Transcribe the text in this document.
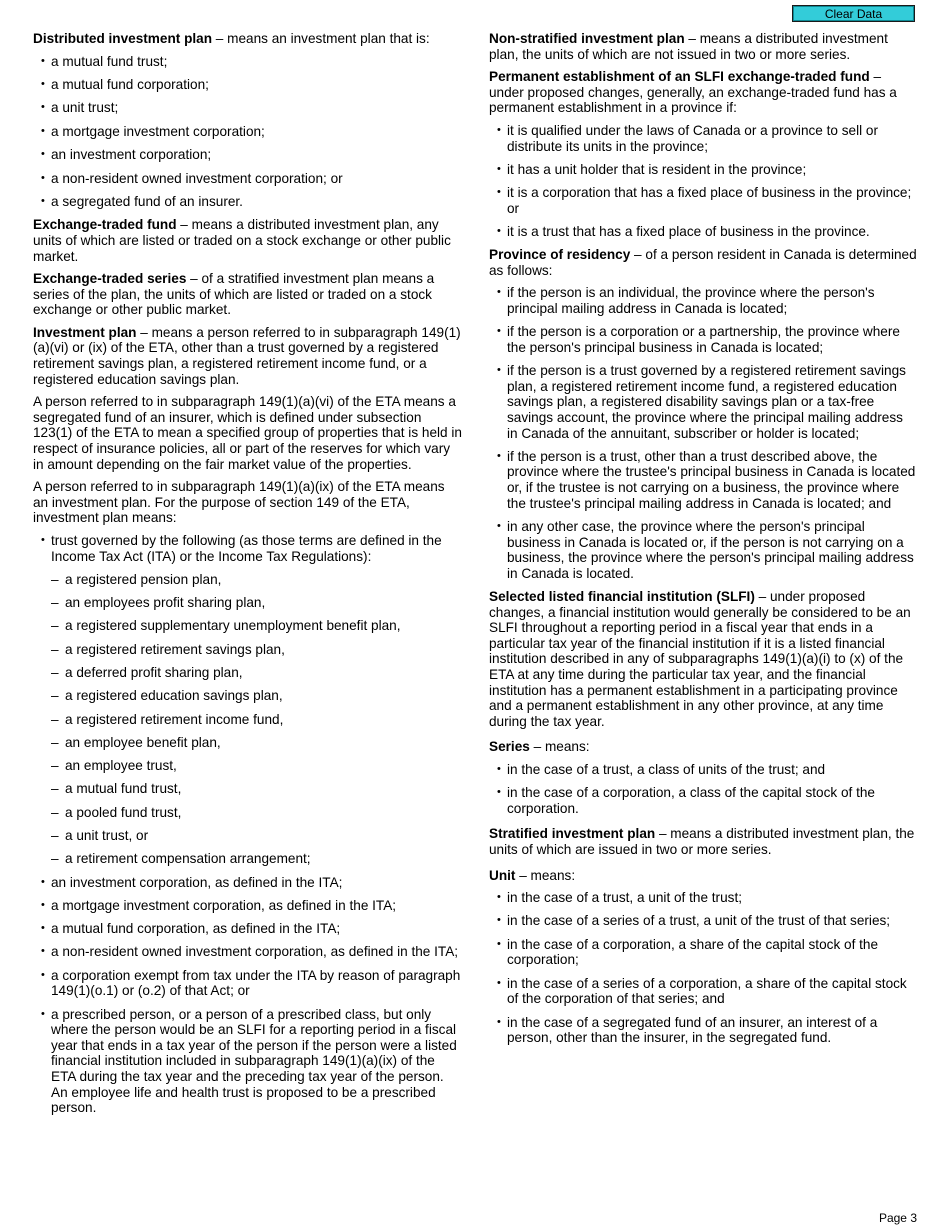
Clear Data

Distributed investment plan – means an investment plan that is:

• a mutual fund trust;
• a mutual fund corporation;
• a unit trust;
• a mortgage investment corporation;
• an investment corporation;
• a non-resident owned investment corporation; or
• a segregated fund of an insurer.

Exchange-traded fund – means a distributed investment plan, any units of which are listed or traded on a stock exchange or other public market.

Exchange-traded series – of a stratified investment plan means a series of the plan, the units of which are listed or traded on a stock exchange or other public market.

Investment plan – means a person referred to in subparagraph 149(1)(a)(vi) or (ix) of the ETA, other than a trust governed by a registered retirement savings plan, a registered retirement income fund, or a registered education savings plan.

A person referred to in subparagraph 149(1)(a)(vi) of the ETA means a segregated fund of an insurer, which is defined under subsection 123(1) of the ETA to mean a specified group of properties that is held in respect of insurance policies, all or part of the reserves for which vary in amount depending on the fair market value of the properties.

A person referred to in subparagraph 149(1)(a)(ix) of the ETA means an investment plan. For the purpose of section 149 of the ETA, investment plan means:

• trust governed by the following (as those terms are defined in the Income Tax Act (ITA) or the Income Tax Regulations):
– a registered pension plan,
– an employees profit sharing plan,
– a registered supplementary unemployment benefit plan,
– a registered retirement savings plan,
– a deferred profit sharing plan,
– a registered education savings plan,
– a registered retirement income fund,
– an employee benefit plan,
– an employee trust,
– a mutual fund trust,
– a pooled fund trust,
– a unit trust, or
– a retirement compensation arrangement;
• an investment corporation, as defined in the ITA;
• a mortgage investment corporation, as defined in the ITA;
• a mutual fund corporation, as defined in the ITA;
• a non-resident owned investment corporation, as defined in the ITA;
• a corporation exempt from tax under the ITA by reason of paragraph 149(1)(o.1) or (o.2) of that Act; or
• a prescribed person, or a person of a prescribed class, but only where the person would be an SLFI for a reporting period in a fiscal year that ends in a tax year of the person if the person were a listed financial institution included in subparagraph 149(1)(a)(ix) of the ETA during the tax year and the preceding tax year of the person. An employee life and health trust is proposed to be a prescribed person.

Non-stratified investment plan – means a distributed investment plan, the units of which are not issued in two or more series.

Permanent establishment of an SLFI exchange-traded fund – under proposed changes, generally, an exchange-traded fund has a permanent establishment in a province if:

• it is qualified under the laws of Canada or a province to sell or distribute its units in the province;
• it has a unit holder that is resident in the province;
• it is a corporation that has a fixed place of business in the province; or
• it is a trust that has a fixed place of business in the province.

Province of residency – of a person resident in Canada is determined as follows:

• if the person is an individual, the province where the person's principal mailing address in Canada is located;
• if the person is a corporation or a partnership, the province where the person's principal business in Canada is located;
• if the person is a trust governed by a registered retirement savings plan, a registered retirement income fund, a registered education savings plan, a registered disability savings plan or a tax-free savings account, the province where the principal mailing address in Canada of the annuitant, subscriber or holder is located;
• if the person is a trust, other than a trust described above, the province where the trustee's principal business in Canada is located or, if the trustee is not carrying on a business, the province where the trustee's principal mailing address in Canada is located; and
• in any other case, the province where the person's principal business in Canada is located or, if the person is not carrying on a business, the province where the person's principal mailing address in Canada is located.

Selected listed financial institution (SLFI) – under proposed changes, a financial institution would generally be considered to be an SLFI throughout a reporting period in a fiscal year that ends in a particular tax year of the financial institution if it is a listed financial institution described in any of subparagraphs 149(1)(a)(i) to (x) of the ETA at any time during the particular tax year, and the financial institution has a permanent establishment in a participating province and a permanent establishment in any other province, at any time during the tax year.

Series – means:

• in the case of a trust, a class of units of the trust; and
• in the case of a corporation, a class of the capital stock of the corporation.

Stratified investment plan – means a distributed investment plan, the units of which are issued in two or more series.

Unit – means:

• in the case of a trust, a unit of the trust;
• in the case of a series of a trust, a unit of the trust of that series;
• in the case of a corporation, a share of the capital stock of the corporation;
• in the case of a series of a corporation, a share of the capital stock of the corporation of that series; and
• in the case of a segregated fund of an insurer, an interest of a person, other than the insurer, in the segregated fund.
Page 3
